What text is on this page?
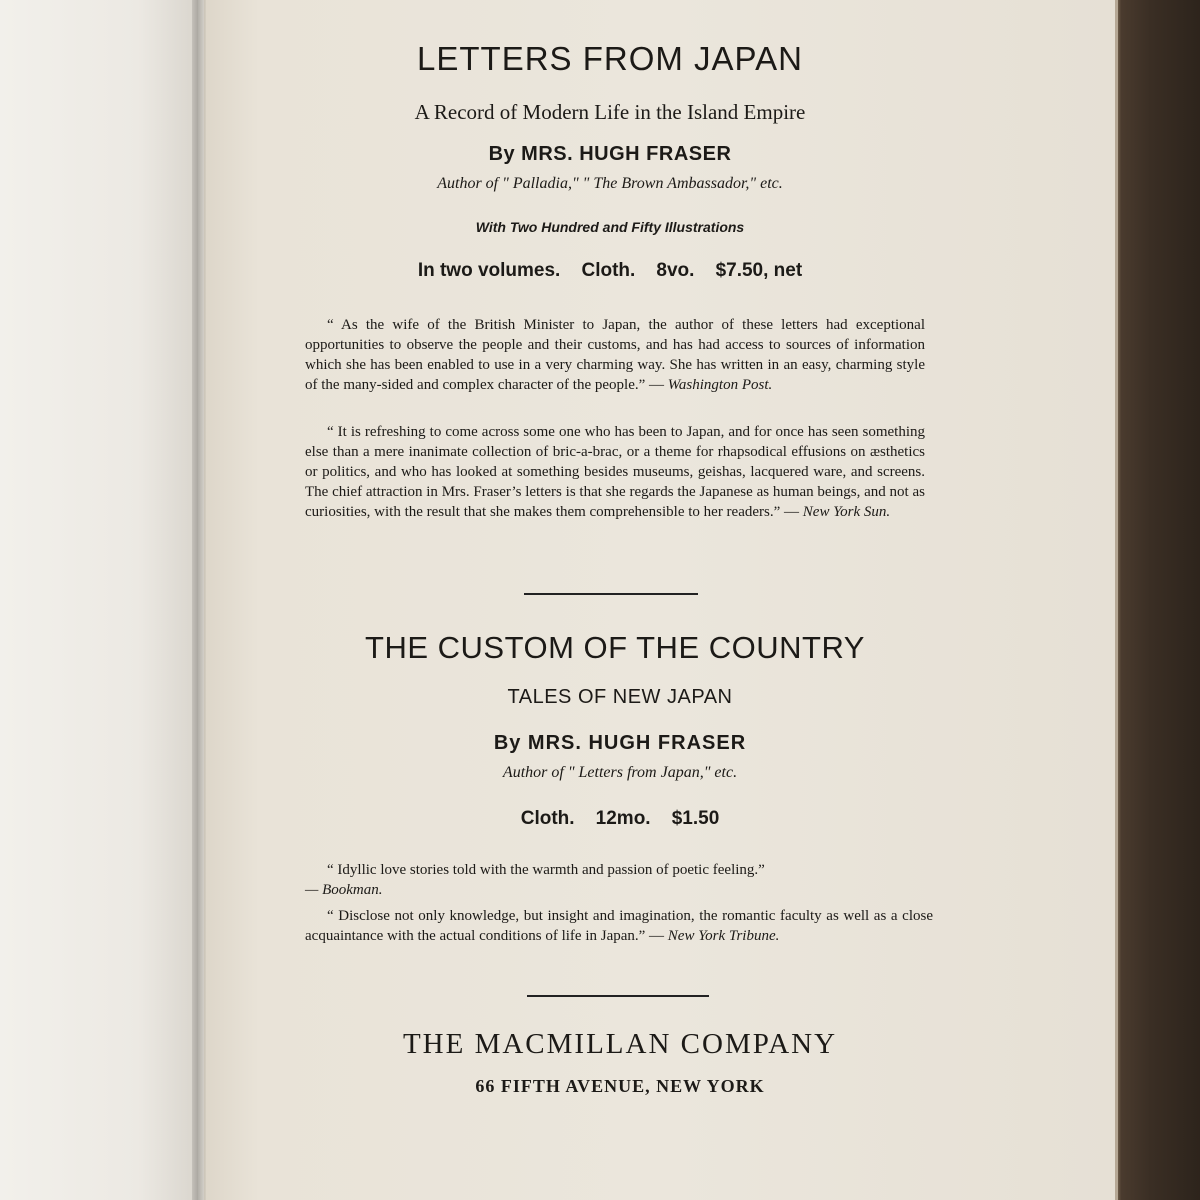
LETTERS FROM JAPAN
A Record of Modern Life in the Island Empire
By MRS. HUGH FRASER
Author of " Palladia," " The Brown Ambassador," etc.
With Two Hundred and Fifty Illustrations
In two volumes. Cloth. 8vo. $7.50, net

“ As the wife of the British Minister to Japan, the author of these letters had exceptional opportunities to observe the people and their customs, and has had access to sources of information which she has been enabled to use in a very charming way. She has written in an easy, charming style of the many-sided and complex character of the people.” — Washington Post.

“ It is refreshing to come across some one who has been to Japan, and for once has seen something else than a mere inanimate collection of bric-a-brac, or a theme for rhapsodical effusions on æsthetics or politics, and who has looked at something besides museums, geishas, lacquered ware, and screens. The chief attraction in Mrs. Fraser’s letters is that she regards the Japanese as human beings, and not as curiosities, with the result that she makes them comprehensible to her readers.” — New York Sun.

THE CUSTOM OF THE COUNTRY
TALES OF NEW JAPAN
By MRS. HUGH FRASER
Author of " Letters from Japan," etc.
Cloth. 12mo. $1.50

“ Idyllic love stories told with the warmth and passion of poetic feeling.”

— Bookman.

“ Disclose not only knowledge, but insight and imagination, the romantic faculty as well as a close acquaintance with the actual conditions of life in Japan.” — New York Tribune.

THE MACMILLAN COMPANY
66 FIFTH AVENUE, NEW YORK
